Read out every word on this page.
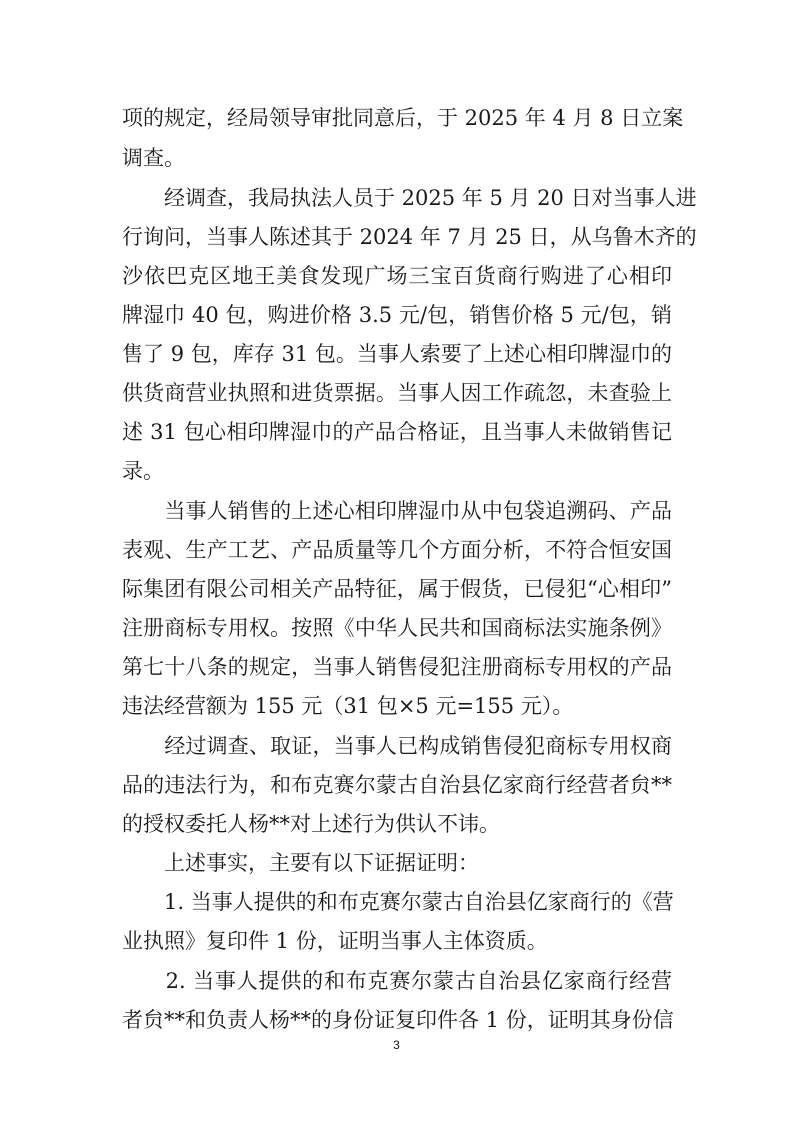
项的规定，经局领导审批同意后，于 2025 年 4 月 8 日立案
调查。
　　经调查，我局执法人员于 2025 年 5 月 20 日对当事人进
行询问，当事人陈述其于 2024 年 7 月 25 日，从乌鲁木齐的
沙依巴克区地王美食发现广场三宝百货商行购进了心相印
牌湿巾 40 包，购进价格 3.5 元/包，销售价格 5 元/包，销
售了 9 包，库存 31 包。当事人索要了上述心相印牌湿巾的
供货商营业执照和进货票据。当事人因工作疏忽，未查验上
述 31 包心相印牌湿巾的产品合格证，且当事人未做销售记
录。
　　当事人销售的上述心相印牌湿巾从中包袋追溯码、产品
表观、生产工艺、产品质量等几个方面分析，不符合恒安国
际集团有限公司相关产品特征，属于假货，已侵犯“心相印”
注册商标专用权。按照《中华人民共和国商标法实施条例》
第七十八条的规定，当事人销售侵犯注册商标专用权的产品
违法经营额为 155 元（31 包×5 元=155 元）。
　　经过调查、取证，当事人已构成销售侵犯商标专用权商
品的违法行为，和布克赛尔蒙古自治县亿家商行经营者贠**
的授权委托人杨**对上述行为供认不讳。
　　上述事实，主要有以下证据证明：
　　1. 当事人提供的和布克赛尔蒙古自治县亿家商行的《营
业执照》复印件 1 份，证明当事人主体资质。
　　2. 当事人提供的和布克赛尔蒙古自治县亿家商行经营
者贠**和负责人杨**的身份证复印件各 1 份，证明其身份信
3
